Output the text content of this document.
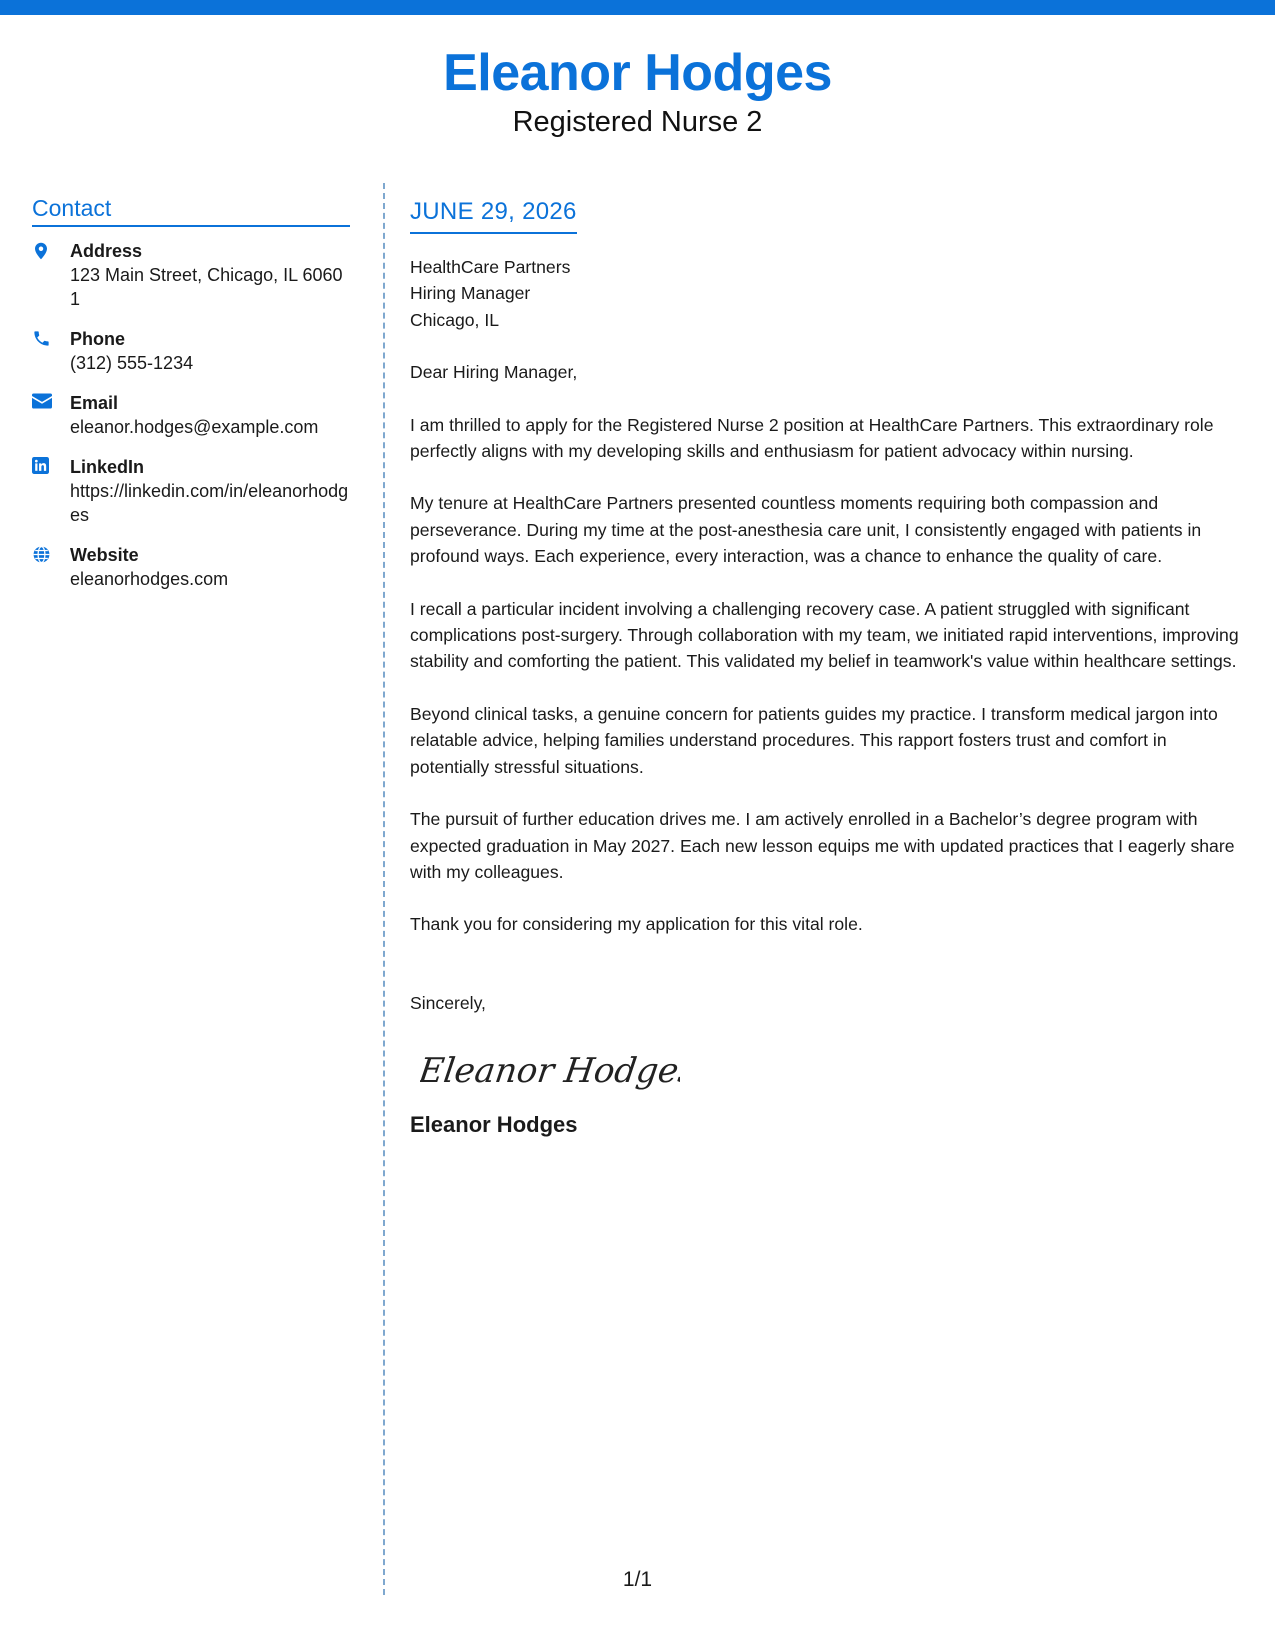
Eleanor Hodges
Registered Nurse 2
Contact
Address
123 Main Street, Chicago, IL 60601
Phone
(312) 555-1234
Email
eleanor.hodges@example.com
LinkedIn
https://linkedin.com/in/eleanorhodges
Website
eleanorhodges.com
JUNE 29, 2026
HealthCare Partners
Hiring Manager
Chicago, IL
Dear Hiring Manager,
I am thrilled to apply for the Registered Nurse 2 position at HealthCare Partners. This extraordinary role perfectly aligns with my developing skills and enthusiasm for patient advocacy within nursing.
My tenure at HealthCare Partners presented countless moments requiring both compassion and perseverance. During my time at the post-anesthesia care unit, I consistently engaged with patients in profound ways. Each experience, every interaction, was a chance to enhance the quality of care.
I recall a particular incident involving a challenging recovery case. A patient struggled with significant complications post-surgery. Through collaboration with my team, we initiated rapid interventions, improving stability and comforting the patient. This validated my belief in teamwork's value within healthcare settings.
Beyond clinical tasks, a genuine concern for patients guides my practice. I transform medical jargon into relatable advice, helping families understand procedures. This rapport fosters trust and comfort in potentially stressful situations.
The pursuit of further education drives me. I am actively enrolled in a Bachelor’s degree program with expected graduation in May 2027. Each new lesson equips me with updated practices that I eagerly share with my colleagues.
Thank you for considering my application for this vital role.
Sincerely,
Eleanor Hodges
Eleanor Hodges
1/1
